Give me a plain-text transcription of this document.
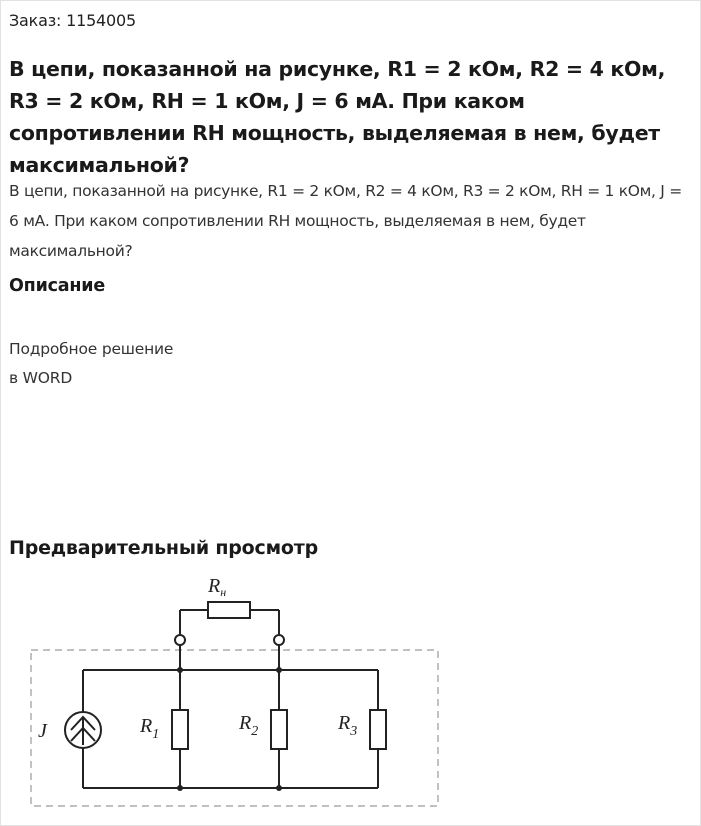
Заказ: 1154005
В цепи, показанной на рисунке, R1 = 2 кОм, R2 = 4 кОм, R3 = 2 кОм, RН = 1 кОм, J = 6 мА. При каком сопротивлении RН мощность, выделяемая в нем, будет максимальной?

В цепи, показанной на рисунке, R1 = 2 кОм, R2 = 4 кОм, R3 = 2 кОм, RН = 1 кОм, J = 6 мА. При каком сопротивлении RН мощность, выделяемая в нем, будет максимальной?

Описание
Подробное решение
в WORD
Предварительный просмотр
$R_н$
J	$R_1$
$R_2$	$R_3$
